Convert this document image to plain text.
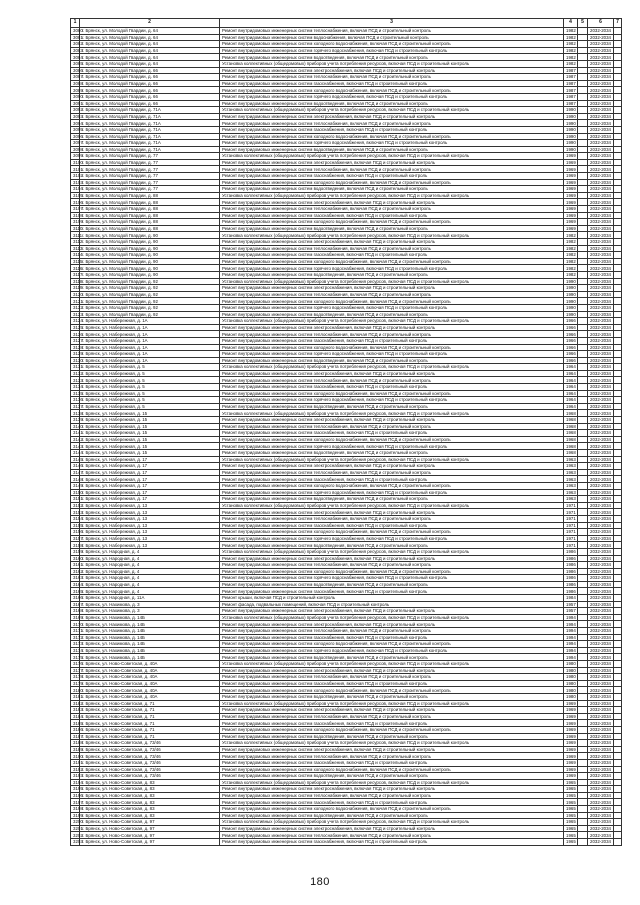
1	2	3	4	5	6	7
3080	г. Брянск, ул. Молодой Гвардии, д. 64	Ремонт внутридомовых инженерных систем теплоснабжения, включая ПСД и строительный контроль	1982		2032-2034	
3081	г. Брянск, ул. Молодой Гвардии, д. 64	Ремонт внутридомовых инженерных систем водоснабжения, включая ПСД и строительный контроль	1982		2032-2034	
3082	г. Брянск, ул. Молодой Гвардии, д. 64	Ремонт внутридомовых инженерных систем холодного водоснабжения, включая ПСД и строительный контроль	1982		2032-2034	
3083	г. Брянск, ул. Молодой Гвардии, д. 64	Ремонт внутридомовых инженерных систем горячего водоснабжения, включая ПСД и строительный контроль	1982		2032-2034	
3084	г. Брянск, ул. Молодой Гвардии, д. 64	Ремонт внутридомовых инженерных систем водоотведения, включая ПСД и строительный контроль	1982		2032-2034	
3085	г. Брянск, ул. Молодой Гвардии, д. 64	Установка коллективных (общедомовых) приборов учета потребления ресурсов, включая ПСД и строительный контроль	1982		2032-2034	
3086	г. Брянск, ул. Молодой Гвардии, д. 66	Ремонт внутридомовых инженерных систем электроснабжения, включая ПСД и строительный контроль	1987		2032-2034	
3087	г. Брянск, ул. Молодой Гвардии, д. 66	Ремонт внутридомовых инженерных систем теплоснабжения, включая ПСД и строительный контроль	1987		2032-2034	
3088	г. Брянск, ул. Молодой Гвардии, д. 66	Ремонт внутридомовых инженерных систем газоснабжения, включая ПСД и строительный контроль	1987		2032-2034	
3089	г. Брянск, ул. Молодой Гвардии, д. 66	Ремонт внутридомовых инженерных систем холодного водоснабжения, включая ПСД и строительный контроль	1987		2032-2034	
3090	г. Брянск, ул. Молодой Гвардии, д. 66	Ремонт внутридомовых инженерных систем горячего водоснабжения, включая ПСД и строительный контроль	1987		2032-2034	
3091	г. Брянск, ул. Молодой Гвардии, д. 66	Ремонт внутридомовых инженерных систем водоотведения, включая ПСД и строительный контроль	1987		2032-2034	
3092	г. Брянск, ул. Молодой Гвардии, д. 71А	Установка коллективных (общедомовых) приборов учета потребления ресурсов, включая ПСД и строительный контроль	1990		2032-2034	
3093	г. Брянск, ул. Молодой Гвардии, д. 71А	Ремонт внутридомовых инженерных систем электроснабжения, включая ПСД и строительный контроль	1990		2032-2034	
3094	г. Брянск, ул. Молодой Гвардии, д. 71А	Ремонт внутридомовых инженерных систем теплоснабжения, включая ПСД и строительный контроль	1990		2032-2034	
3095	г. Брянск, ул. Молодой Гвардии, д. 71А	Ремонт внутридомовых инженерных систем газоснабжения, включая ПСД и строительный контроль	1990		2032-2034	
3096	г. Брянск, ул. Молодой Гвардии, д. 71А	Ремонт внутридомовых инженерных систем холодного водоснабжения, включая ПСД и строительный контроль	1990		2032-2034	
3097	г. Брянск, ул. Молодой Гвардии, д. 71А	Ремонт внутридомовых инженерных систем горячего водоснабжения, включая ПСД и строительный контроль	1990		2032-2034	
3098	г. Брянск, ул. Молодой Гвардии, д. 71А	Ремонт внутридомовых инженерных систем водоотведения, включая ПСД и строительный контроль	1990		2032-2034	
3099	г. Брянск, ул. Молодой Гвардии, д. 77	Установка коллективных (общедомовых) приборов учета потребления ресурсов, включая ПСД и строительный контроль	1969		2032-2034	
3100	г. Брянск, ул. Молодой Гвардии, д. 77	Ремонт внутридомовых инженерных систем электроснабжения, включая ПСД и строительный контроль	1969		2032-2034	
3101	г. Брянск, ул. Молодой Гвардии, д. 77	Ремонт внутридомовых инженерных систем теплоснабжения, включая ПСД и строительный контроль	1969		2032-2034	
3102	г. Брянск, ул. Молодой Гвардии, д. 77	Ремонт внутридомовых инженерных систем газоснабжения, включая ПСД и строительный контроль	1969		2032-2034	
3103	г. Брянск, ул. Молодой Гвардии, д. 77	Ремонт внутридомовых инженерных систем холодного водоснабжения, включая ПСД и строительный контроль	1969		2032-2034	
3104	г. Брянск, ул. Молодой Гвардии, д. 77	Ремонт внутридомовых инженерных систем водоотведения, включая ПСД и строительный контроль	1969		2032-2034	
3105	г. Брянск, ул. Молодой Гвардии, д. 88	Установка коллективных (общедомовых) приборов учета потребления ресурсов, включая ПСД и строительный контроль	1969		2032-2034	
3106	г. Брянск, ул. Молодой Гвардии, д. 88	Ремонт внутридомовых инженерных систем электроснабжения, включая ПСД и строительный контроль	1969		2032-2034	
3107	г. Брянск, ул. Молодой Гвардии, д. 88	Ремонт внутридомовых инженерных систем теплоснабжения, включая ПСД и строительный контроль	1969		2032-2034	
3108	г. Брянск, ул. Молодой Гвардии, д. 88	Ремонт внутридомовых инженерных систем газоснабжения, включая ПСД и строительный контроль	1969		2032-2034	
3109	г. Брянск, ул. Молодой Гвардии, д. 88	Ремонт внутридомовых инженерных систем холодного водоснабжения, включая ПСД и строительный контроль	1969		2032-2034	
3110	г. Брянск, ул. Молодой Гвардии, д. 88	Ремонт внутридомовых инженерных систем водоотведения, включая ПСД и строительный контроль	1969		2032-2034	
3111	г. Брянск, ул. Молодой Гвардии, д. 90	Установка коллективных (общедомовых) приборов учета потребления ресурсов, включая ПСД и строительный контроль	1982		2032-2034	
3112	г. Брянск, ул. Молодой Гвардии, д. 90	Ремонт внутридомовых инженерных систем электроснабжения, включая ПСД и строительный контроль	1982		2032-2034	
3113	г. Брянск, ул. Молодой Гвардии, д. 90	Ремонт внутридомовых инженерных систем теплоснабжения, включая ПСД и строительный контроль	1982		2032-2034	
3114	г. Брянск, ул. Молодой Гвардии, д. 90	Ремонт внутридомовых инженерных систем газоснабжения, включая ПСД и строительный контроль	1982		2032-2034	
3115	г. Брянск, ул. Молодой Гвардии, д. 90	Ремонт внутридомовых инженерных систем холодного водоснабжения, включая ПСД и строительный контроль	1982		2032-2034	
3116	г. Брянск, ул. Молодой Гвардии, д. 90	Ремонт внутридомовых инженерных систем горячего водоснабжения, включая ПСД и строительный контроль	1982		2032-2034	
3117	г. Брянск, ул. Молодой Гвардии, д. 90	Ремонт внутридомовых инженерных систем водоотведения, включая ПСД и строительный контроль	1982		2032-2034	
3118	г. Брянск, ул. Молодой Гвардии, д. 92	Установка коллективных (общедомовых) приборов учета потребления ресурсов, включая ПСД и строительный контроль	1990		2032-2034	
3119	г. Брянск, ул. Молодой Гвардии, д. 92	Ремонт внутридомовых инженерных систем электроснабжения, включая ПСД и строительный контроль	1990		2032-2034	
3120	г. Брянск, ул. Молодой Гвардии, д. 92	Ремонт внутридомовых инженерных систем теплоснабжения, включая ПСД и строительный контроль	1990		2032-2034	
3121	г. Брянск, ул. Молодой Гвардии, д. 92	Ремонт внутридомовых инженерных систем холодного водоснабжения, включая ПСД и строительный контроль	1990		2032-2034	
3122	г. Брянск, ул. Молодой Гвардии, д. 92	Ремонт внутридомовых инженерных систем горячего водоснабжения, включая ПСД и строительный контроль	1990		2032-2034	
3123	г. Брянск, ул. Молодой Гвардии, д. 92	Ремонт внутридомовых инженерных систем водоотведения, включая ПСД и строительный контроль	1990		2032-2034	
3124	г. Брянск, ул. Набережная, д. 1А	Установка коллективных (общедомовых) приборов учета потребления ресурсов, включая ПСД и строительный контроль	1966		2032-2034	
3125	г. Брянск, ул. Набережная, д. 1А	Ремонт внутридомовых инженерных систем электроснабжения, включая ПСД и строительный контроль	1966		2032-2034	
3126	г. Брянск, ул. Набережная, д. 1А	Ремонт внутридомовых инженерных систем теплоснабжения, включая ПСД и строительный контроль	1966		2032-2034	
3127	г. Брянск, ул. Набережная, д. 1А	Ремонт внутридомовых инженерных систем газоснабжения, включая ПСД и строительный контроль	1966		2032-2034	
3128	г. Брянск, ул. Набережная, д. 1А	Ремонт внутридомовых инженерных систем холодного водоснабжения, включая ПСД и строительный контроль	1966		2032-2034	
3129	г. Брянск, ул. Набережная, д. 1А	Ремонт внутридомовых инженерных систем горячего водоснабжения, включая ПСД и строительный контроль	1966		2032-2034	
3130	г. Брянск, ул. Набережная, д. 1А	Ремонт внутридомовых инженерных систем водоотведения, включая ПСД и строительный контроль	1966		2032-2034	
3131	г. Брянск, ул. Набережная, д. 5	Установка коллективных (общедомовых) приборов учета потребления ресурсов, включая ПСД и строительный контроль	1964		2032-2034	
3132	г. Брянск, ул. Набережная, д. 5	Ремонт внутридомовых инженерных систем электроснабжения, включая ПСД и строительный контроль	1964		2032-2034	
3133	г. Брянск, ул. Набережная, д. 5	Ремонт внутридомовых инженерных систем теплоснабжения, включая ПСД и строительный контроль	1964		2032-2034	
3134	г. Брянск, ул. Набережная, д. 5	Ремонт внутридомовых инженерных систем газоснабжения, включая ПСД и строительный контроль	1964		2032-2034	
3135	г. Брянск, ул. Набережная, д. 5	Ремонт внутридомовых инженерных систем холодного водоснабжения, включая ПСД и строительный контроль	1964		2032-2034	
3136	г. Брянск, ул. Набережная, д. 5	Ремонт внутридомовых инженерных систем горячего водоснабжения, включая ПСД и строительный контроль	1964		2032-2034	
3137	г. Брянск, ул. Набережная, д. 5	Ремонт внутридомовых инженерных систем водоотведения, включая ПСД и строительный контроль	1964		2032-2034	
3138	г. Брянск, ул. Набережная, д. 15	Установка коллективных (общедомовых) приборов учета потребления ресурсов, включая ПСД и строительный контроль	1968		2032-2034	
3139	г. Брянск, ул. Набережная, д. 15	Ремонт внутридомовых инженерных систем электроснабжения, включая ПСД и строительный контроль	1968		2032-2034	
3140	г. Брянск, ул. Набережная, д. 15	Ремонт внутридомовых инженерных систем теплоснабжения, включая ПСД и строительный контроль	1968		2032-2034	
3141	г. Брянск, ул. Набережная, д. 15	Ремонт внутридомовых инженерных систем газоснабжения, включая ПСД и строительный контроль	1968		2032-2034	
3142	г. Брянск, ул. Набережная, д. 15	Ремонт внутридомовых инженерных систем холодного водоснабжения, включая ПСД и строительный контроль	1968		2032-2034	
3143	г. Брянск, ул. Набережная, д. 15	Ремонт внутридомовых инженерных систем горячего водоснабжения, включая ПСД и строительный контроль	1968		2032-2034	
3144	г. Брянск, ул. Набережная, д. 15	Ремонт внутридомовых инженерных систем водоотведения, включая ПСД и строительный контроль	1968		2032-2034	
3145	г. Брянск, ул. Набережная, д. 17	Установка коллективных (общедомовых) приборов учета потребления ресурсов, включая ПСД и строительный контроль	1963		2032-2034	
3146	г. Брянск, ул. Набережная, д. 17	Ремонт внутридомовых инженерных систем электроснабжения, включая ПСД и строительный контроль	1963		2032-2034	
3147	г. Брянск, ул. Набережная, д. 17	Ремонт внутридомовых инженерных систем теплоснабжения, включая ПСД и строительный контроль	1963		2032-2034	
3148	г. Брянск, ул. Набережная, д. 17	Ремонт внутридомовых инженерных систем газоснабжения, включая ПСД и строительный контроль	1963		2032-2034	
3149	г. Брянск, ул. Набережная, д. 17	Ремонт внутридомовых инженерных систем холодного водоснабжения, включая ПСД и строительный контроль	1963		2032-2034	
3150	г. Брянск, ул. Набережная, д. 17	Ремонт внутридомовых инженерных систем горячего водоснабжения, включая ПСД и строительный контроль	1963		2032-2034	
3151	г. Брянск, ул. Набережная, д. 17	Ремонт внутридомовых инженерных систем водоотведения, включая ПСД и строительный контроль	1963		2032-2034	
3152	г. Брянск, ул. Набережная, д. 13	Установка коллективных (общедомовых) приборов учета потребления ресурсов, включая ПСД и строительный контроль	1971		2032-2034	
3153	г. Брянск, ул. Набережная, д. 13	Ремонт внутридомовых инженерных систем электроснабжения, включая ПСД и строительный контроль	1971		2032-2034	
3154	г. Брянск, ул. Набережная, д. 13	Ремонт внутридомовых инженерных систем теплоснабжения, включая ПСД и строительный контроль	1971		2032-2034	
3155	г. Брянск, ул. Набережная, д. 13	Ремонт внутридомовых инженерных систем газоснабжения, включая ПСД и строительный контроль	1971		2032-2034	
3156	г. Брянск, ул. Набережная, д. 13	Ремонт внутридомовых инженерных систем холодного водоснабжения, включая ПСД и строительный контроль	1971		2032-2034	
3157	г. Брянск, ул. Набережная, д. 13	Ремонт внутридомовых инженерных систем горячего водоснабжения, включая ПСД и строительный контроль	1971		2032-2034	
3158	г. Брянск, ул. Набережная, д. 13	Ремонт внутридомовых инженерных систем водоотведения, включая ПСД и строительный контроль	1971		2032-2034	
3159	г. Брянск, ул. Народная, д. 4	Установка коллективных (общедомовых) приборов учета потребления ресурсов, включая ПСД и строительный контроль	1986		2032-2034	
3160	г. Брянск, ул. Народная, д. 4	Ремонт внутридомовых инженерных систем электроснабжения, включая ПСД и строительный контроль	1986		2032-2034	
3161	г. Брянск, ул. Народная, д. 4	Ремонт внутридомовых инженерных систем теплоснабжения, включая ПСД и строительный контроль	1986		2032-2034	
3162	г. Брянск, ул. Народная, д. 4	Ремонт внутридомовых инженерных систем холодного водоснабжения, включая ПСД и строительный контроль	1986		2032-2034	
3163	г. Брянск, ул. Народная, д. 4	Ремонт внутридомовых инженерных систем горячего водоснабжения, включая ПСД и строительный контроль	1986		2032-2034	
3164	г. Брянск, ул. Народная, д. 4	Ремонт внутридомовых инженерных систем водоотведения, включая ПСД и строительный контроль	1986		2032-2034	
3165	г. Брянск, ул. Народная, д. 4	Ремонт внутридомовых инженерных систем газоснабжения, включая ПСД и строительный контроль	1986		2032-2034	
3166	г. Брянск, ул. Народная, д. 11А	Ремонт крыши, включая ПСД и строительный контроль	1984		2032-2034	
3167	г. Брянск, ул. Нахимова, д. 3	Ремонт фасада, подвальных помещений, включая ПСД и строительный контроль	1957		2032-2034	
3168	г. Брянск, ул. Нахимова, д. 3	Ремонт внутридомовых инженерных систем электроснабжения, включая ПСД и строительный контроль	1957		2032-2034	
3169	г. Брянск, ул. Нахимова, д. 14Б	Установка коллективных (общедомовых) приборов учета потребления ресурсов, включая ПСД и строительный контроль	1994		2032-2034	
3170	г. Брянск, ул. Нахимова, д. 14Б	Ремонт внутридомовых инженерных систем электроснабжения, включая ПСД и строительный контроль	1994		2032-2034	
3171	г. Брянск, ул. Нахимова, д. 14Б	Ремонт внутридомовых инженерных систем теплоснабжения, включая ПСД и строительный контроль	1994		2032-2034	
3172	г. Брянск, ул. Нахимова, д. 14Б	Ремонт внутридомовых инженерных систем газоснабжения, включая ПСД и строительный контроль	1994		2032-2034	
3173	г. Брянск, ул. Нахимова, д. 14Б	Ремонт внутридомовых инженерных систем холодного водоснабжения, включая ПСД и строительный контроль	1994		2032-2034	
3174	г. Брянск, ул. Нахимова, д. 14Б	Ремонт внутридомовых инженерных систем горячего водоснабжения, включая ПСД и строительный контроль	1994		2032-2034	
3175	г. Брянск, ул. Нахимова, д. 14Б	Ремонт внутридомовых инженерных систем водоотведения, включая ПСД и строительный контроль	1994		2032-2034	
3176	г. Брянск, ул. Ново-Советская, д. 40А	Установка коллективных (общедомовых) приборов учета потребления ресурсов, включая ПСД и строительный контроль	1980		2032-2034	
3177	г. Брянск, ул. Ново-Советская, д. 40А	Ремонт внутридомовых инженерных систем электроснабжения, включая ПСД и строительный контроль	1980		2032-2034	
3178	г. Брянск, ул. Ново-Советская, д. 40А	Ремонт внутридомовых инженерных систем теплоснабжения, включая ПСД и строительный контроль	1980		2032-2034	
3179	г. Брянск, ул. Ново-Советская, д. 40А	Ремонт внутридомовых инженерных систем газоснабжения, включая ПСД и строительный контроль	1980		2032-2034	
3180	г. Брянск, ул. Ново-Советская, д. 40А	Ремонт внутридомовых инженерных систем холодного водоснабжения, включая ПСД и строительный контроль	1980		2032-2034	
3181	г. Брянск, ул. Ново-Советская, д. 40А	Ремонт внутридомовых инженерных систем водоотведения, включая ПСД и строительный контроль	1980		2032-2034	
3182	г. Брянск, ул. Ново-Советская, д. 71	Установка коллективных (общедомовых) приборов учета потребления ресурсов, включая ПСД и строительный контроль	1969		2032-2034	
3183	г. Брянск, ул. Ново-Советская, д. 71	Ремонт внутридомовых инженерных систем электроснабжения, включая ПСД и строительный контроль	1969		2032-2034	
3184	г. Брянск, ул. Ново-Советская, д. 71	Ремонт внутридомовых инженерных систем теплоснабжения, включая ПСД и строительный контроль	1969		2032-2034	
3185	г. Брянск, ул. Ново-Советская, д. 71	Ремонт внутридомовых инженерных систем газоснабжения, включая ПСД и строительный контроль	1969		2032-2034	
3186	г. Брянск, ул. Ново-Советская, д. 71	Ремонт внутридомовых инженерных систем холодного водоснабжения, включая ПСД и строительный контроль	1969		2032-2034	
3187	г. Брянск, ул. Ново-Советская, д. 71	Ремонт внутридомовых инженерных систем водоотведения, включая ПСД и строительный контроль	1969		2032-2034	
3188	г. Брянск, ул. Ново-Советская, д. 73/46	Установка коллективных (общедомовых) приборов учета потребления ресурсов, включая ПСД и строительный контроль	1969		2032-2034	
3189	г. Брянск, ул. Ново-Советская, д. 73/46	Ремонт внутридомовых инженерных систем электроснабжения, включая ПСД и строительный контроль	1969		2032-2034	
3190	г. Брянск, ул. Ново-Советская, д. 73/46	Ремонт внутридомовых инженерных систем теплоснабжения, включая ПСД и строительный контроль	1969		2032-2034	
3191	г. Брянск, ул. Ново-Советская, д. 73/46	Ремонт внутридомовых инженерных систем газоснабжения, включая ПСД и строительный контроль	1969		2032-2034	
3192	г. Брянск, ул. Ново-Советская, д. 73/46	Ремонт внутридомовых инженерных систем холодного водоснабжения, включая ПСД и строительный контроль	1969		2032-2034	
3193	г. Брянск, ул. Ново-Советская, д. 73/46	Ремонт внутридомовых инженерных систем водоотведения, включая ПСД и строительный контроль	1969		2032-2034	
3194	г. Брянск, ул. Ново-Советская, д. 83	Установка коллективных (общедомовых) приборов учета потребления ресурсов, включая ПСД и строительный контроль	1965		2032-2034	
3195	г. Брянск, ул. Ново-Советская, д. 83	Ремонт внутридомовых инженерных систем электроснабжения, включая ПСД и строительный контроль	1965		2032-2034	
3196	г. Брянск, ул. Ново-Советская, д. 83	Ремонт внутридомовых инженерных систем теплоснабжения, включая ПСД и строительный контроль	1965		2032-2034	
3197	г. Брянск, ул. Ново-Советская, д. 83	Ремонт внутридомовых инженерных систем газоснабжения, включая ПСД и строительный контроль	1965		2032-2034	
3198	г. Брянск, ул. Ново-Советская, д. 83	Ремонт внутридомовых инженерных систем холодного водоснабжения, включая ПСД и строительный контроль	1965		2032-2034	
3199	г. Брянск, ул. Ново-Советская, д. 83	Ремонт внутридомовых инженерных систем водоотведения, включая ПСД и строительный контроль	1965		2032-2034	
3200	г. Брянск, ул. Ново-Советская, д. 97	Установка коллективных (общедомовых) приборов учета потребления ресурсов, включая ПСД и строительный контроль	1965		2032-2034	
3201	г. Брянск, ул. Ново-Советская, д. 97	Ремонт внутридомовых инженерных систем электроснабжения, включая ПСД и строительный контроль	1965		2032-2034	
3202	г. Брянск, ул. Ново-Советская, д. 97	Ремонт внутридомовых инженерных систем теплоснабжения, включая ПСД и строительный контроль	1965		2032-2034	
3203	г. Брянск, ул. Ново-Советская, д. 97	Ремонт внутридомовых инженерных систем газоснабжения, включая ПСД и строительный контроль	1965		2032-2034	
180
